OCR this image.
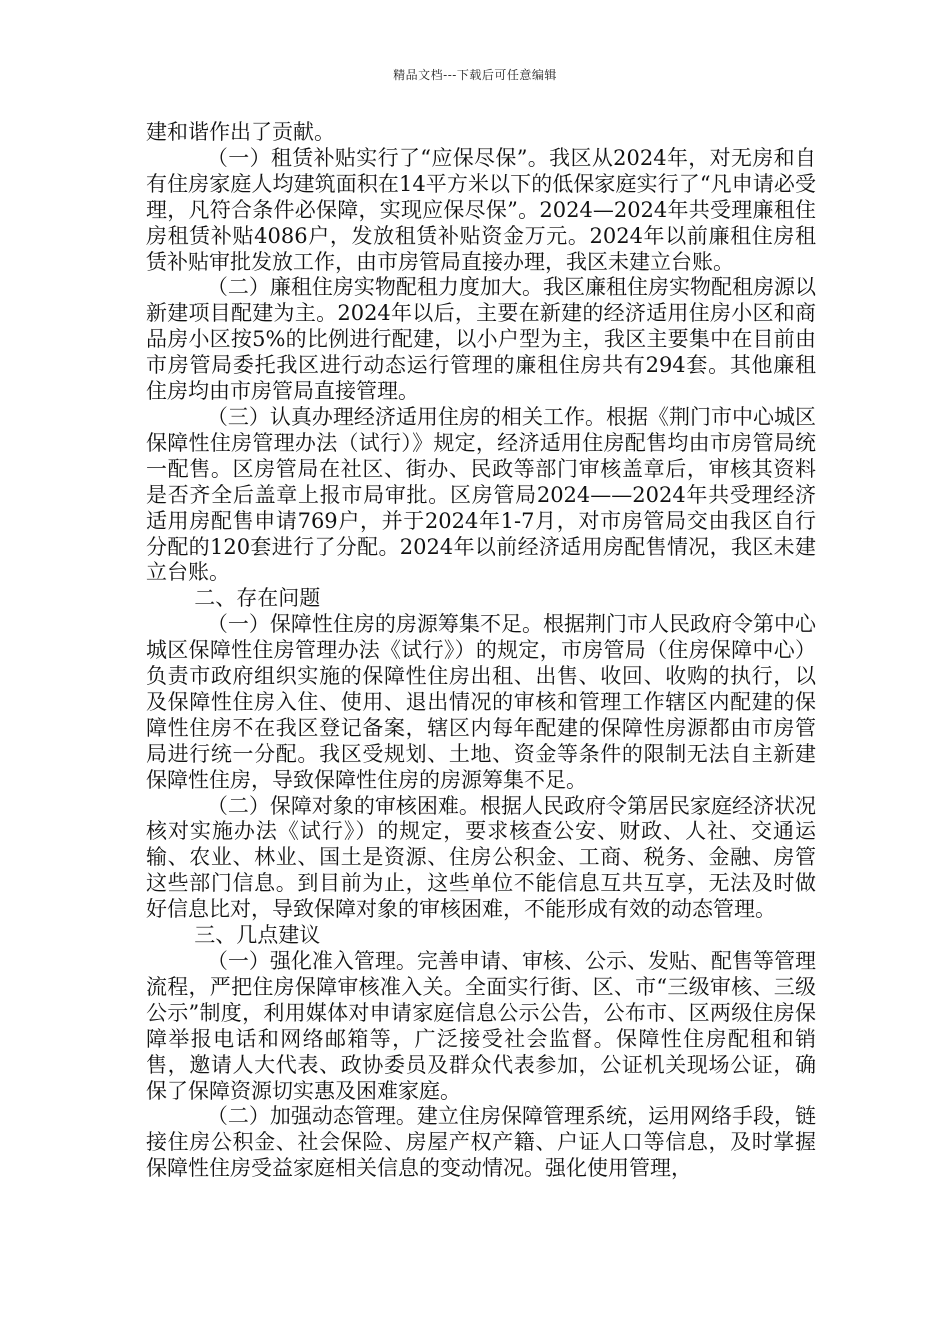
精品文档---下载后可任意编辑

建和谐作出了贡献。

（一）租赁补贴实行了“应保尽保”。我区从2024年，对无房和自有住房家庭人均建筑面积在14平方米以下的低保家庭实行了“凡申请必受理，凡符合条件必保障，实现应保尽保”。2024—2024年共受理廉租住房租赁补贴4086户，发放租赁补贴资金万元。2024年以前廉租住房租赁补贴审批发放工作，由市房管局直接办理，我区未建立台账。

（二）廉租住房实物配租力度加大。我区廉租住房实物配租房源以新建项目配建为主。2024年以后，主要在新建的经济适用住房小区和商品房小区按5%的比例进行配建，以小户型为主，我区主要集中在目前由市房管局委托我区进行动态运行管理的廉租住房共有294套。其他廉租住房均由市房管局直接管理。

（三）认真办理经济适用住房的相关工作。根据《荆门市中心城区保障性住房管理办法（试行）》规定，经济适用住房配售均由市房管局统一配售。区房管局在社区、街办、民政等部门审核盖章后，审核其资料是否齐全后盖章上报市局审批。区房管局2024——2024年共受理经济适用房配售申请769户，并于2024年1-7月，对市房管局交由我区自行分配的120套进行了分配。2024年以前经济适用房配售情况，我区未建立台账。

二、存在问题

（一）保障性住房的房源筹集不足。根据荆门市人民政府令第中心城区保障性住房管理办法《试行》）的规定，市房管局（住房保障中心）负责市政府组织实施的保障性住房出租、出售、收回、收购的执行，以及保障性住房入住、使用、退出情况的审核和管理工作辖区内配建的保障性住房不在我区登记备案，辖区内每年配建的保障性房源都由市房管局进行统一分配。我区受规划、土地、资金等条件的限制无法自主新建保障性住房，导致保障性住房的房源筹集不足。

（二）保障对象的审核困难。根据人民政府令第居民家庭经济状况核对实施办法《试行》）的规定，要求核查公安、财政、人社、交通运输、农业、林业、国土是资源、住房公积金、工商、税务、金融、房管这些部门信息。到目前为止，这些单位不能信息互共互享，无法及时做好信息比对，导致保障对象的审核困难，不能形成有效的动态管理。

三、几点建议

（一）强化准入管理。完善申请、审核、公示、发贴、配售等管理流程，严把住房保障审核准入关。全面实行街、区、市“三级审核、三级公示”制度，利用媒体对申请家庭信息公示公告，公布市、区两级住房保障举报电话和网络邮箱等，广泛接受社会监督。保障性住房配租和销售，邀请人大代表、政协委员及群众代表参加，公证机关现场公证，确保了保障资源切实惠及困难家庭。

（二）加强动态管理。建立住房保障管理系统，运用网络手段，链接住房公积金、社会保险、房屋产权产籍、户证人口等信息，及时掌握保障性住房受益家庭相关信息的变动情况。强化使用管理，
